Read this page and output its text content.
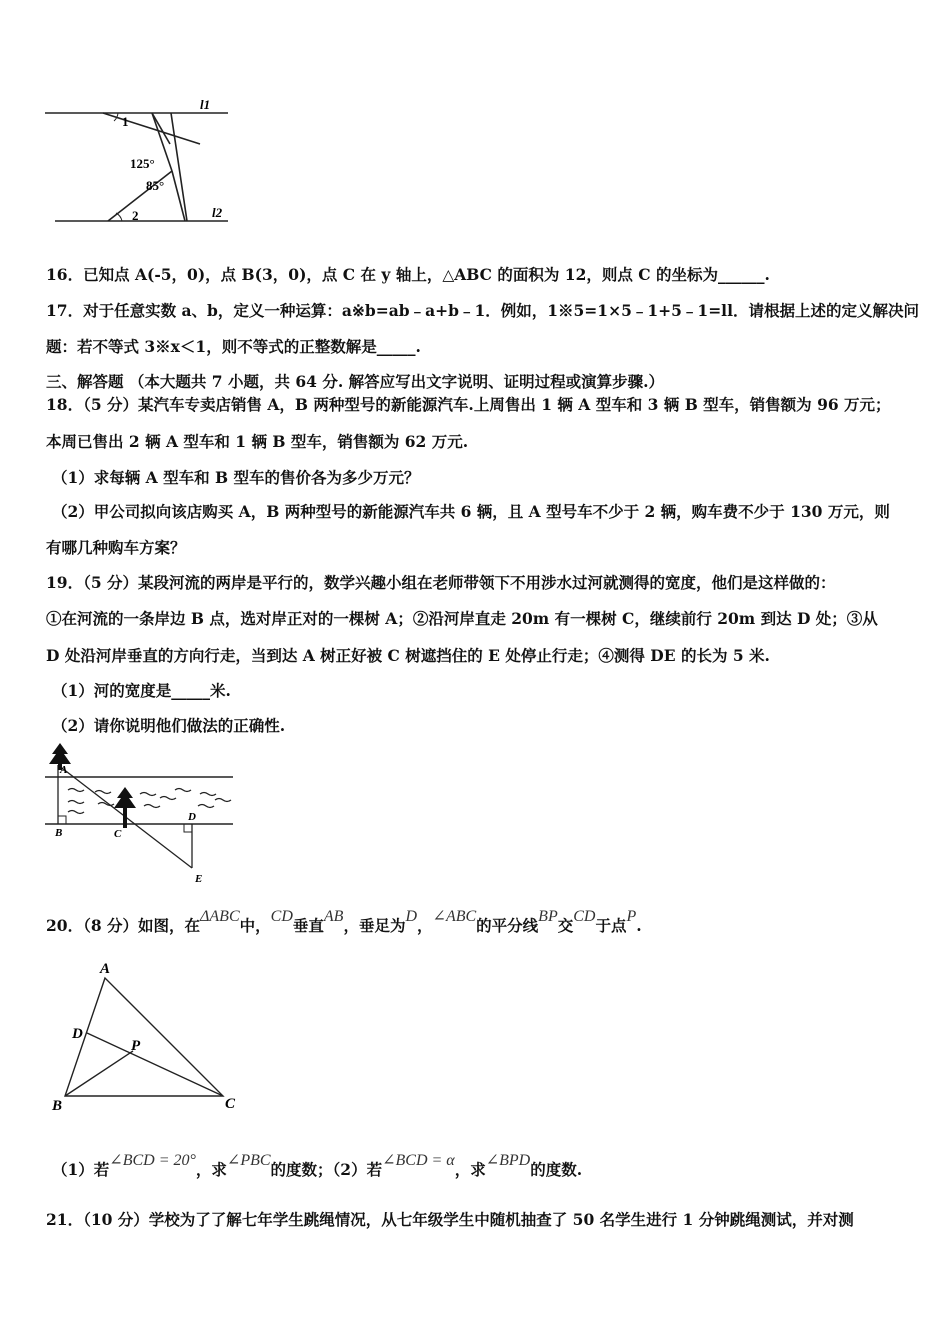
l1
l2
1
2
125°
85°
16．已知点 A(-5，0)，点 B(3，0)，点 C 在 y 轴上，△ABC 的面积为 12，则点 C 的坐标为______.
17．对于任意实数 a、b，定义一种运算：a※b=ab﹣a+b﹣1．例如，1※5=1×5﹣1+5﹣1=ll．请根据上述的定义解决问
题：若不等式 3※x＜1，则不等式的正整数解是_____.
三、解答题 （本大题共 7 小题，共 64 分. 解答应写出文字说明、证明过程或演算步骤.）
18．（5 分）某汽车专卖店销售 A，B 两种型号的新能源汽车.上周售出 1 辆 A 型车和 3 辆 B 型车，销售额为 96 万元；
本周已售出 2 辆 A 型车和 1 辆 B 型车，销售额为 62 万元.
（1）求每辆 A 型车和 B 型车的售价各为多少万元？
（2）甲公司拟向该店购买 A，B 两种型号的新能源汽车共 6 辆，且 A 型号车不少于 2 辆，购车费不少于 130 万元，则
有哪几种购车方案？
19．（5 分）某段河流的两岸是平行的，数学兴趣小组在老师带领下不用涉水过河就测得的宽度，他们是这样做的：
①在河流的一条岸边 B 点，选对岸正对的一棵树 A；②沿河岸直走 20m 有一棵树 C，继续前行 20m 到达 D 处；③从
D 处沿河岸垂直的方向行走，当到达 A 树正好被 C 树遮挡住的 E 处停止行走；④测得 DE 的长为 5 米.
（1）河的宽度是_____米.
（2）请你说明他们做法的正确性.
A
B	C
D
E
20．（8 分）如图，在ΔABC中，CD垂直AB，垂足为D，∠ABC的平分线BP交CD于点P.
A
B	C
D
P
（1）若∠BCD = 20°，求∠PBC的度数；（2）若∠BCD = α，求∠BPD的度数.
21．（10 分）学校为了了解七年学生跳绳情况，从七年级学生中随机抽查了 50 名学生进行 1 分钟跳绳测试，并对测
